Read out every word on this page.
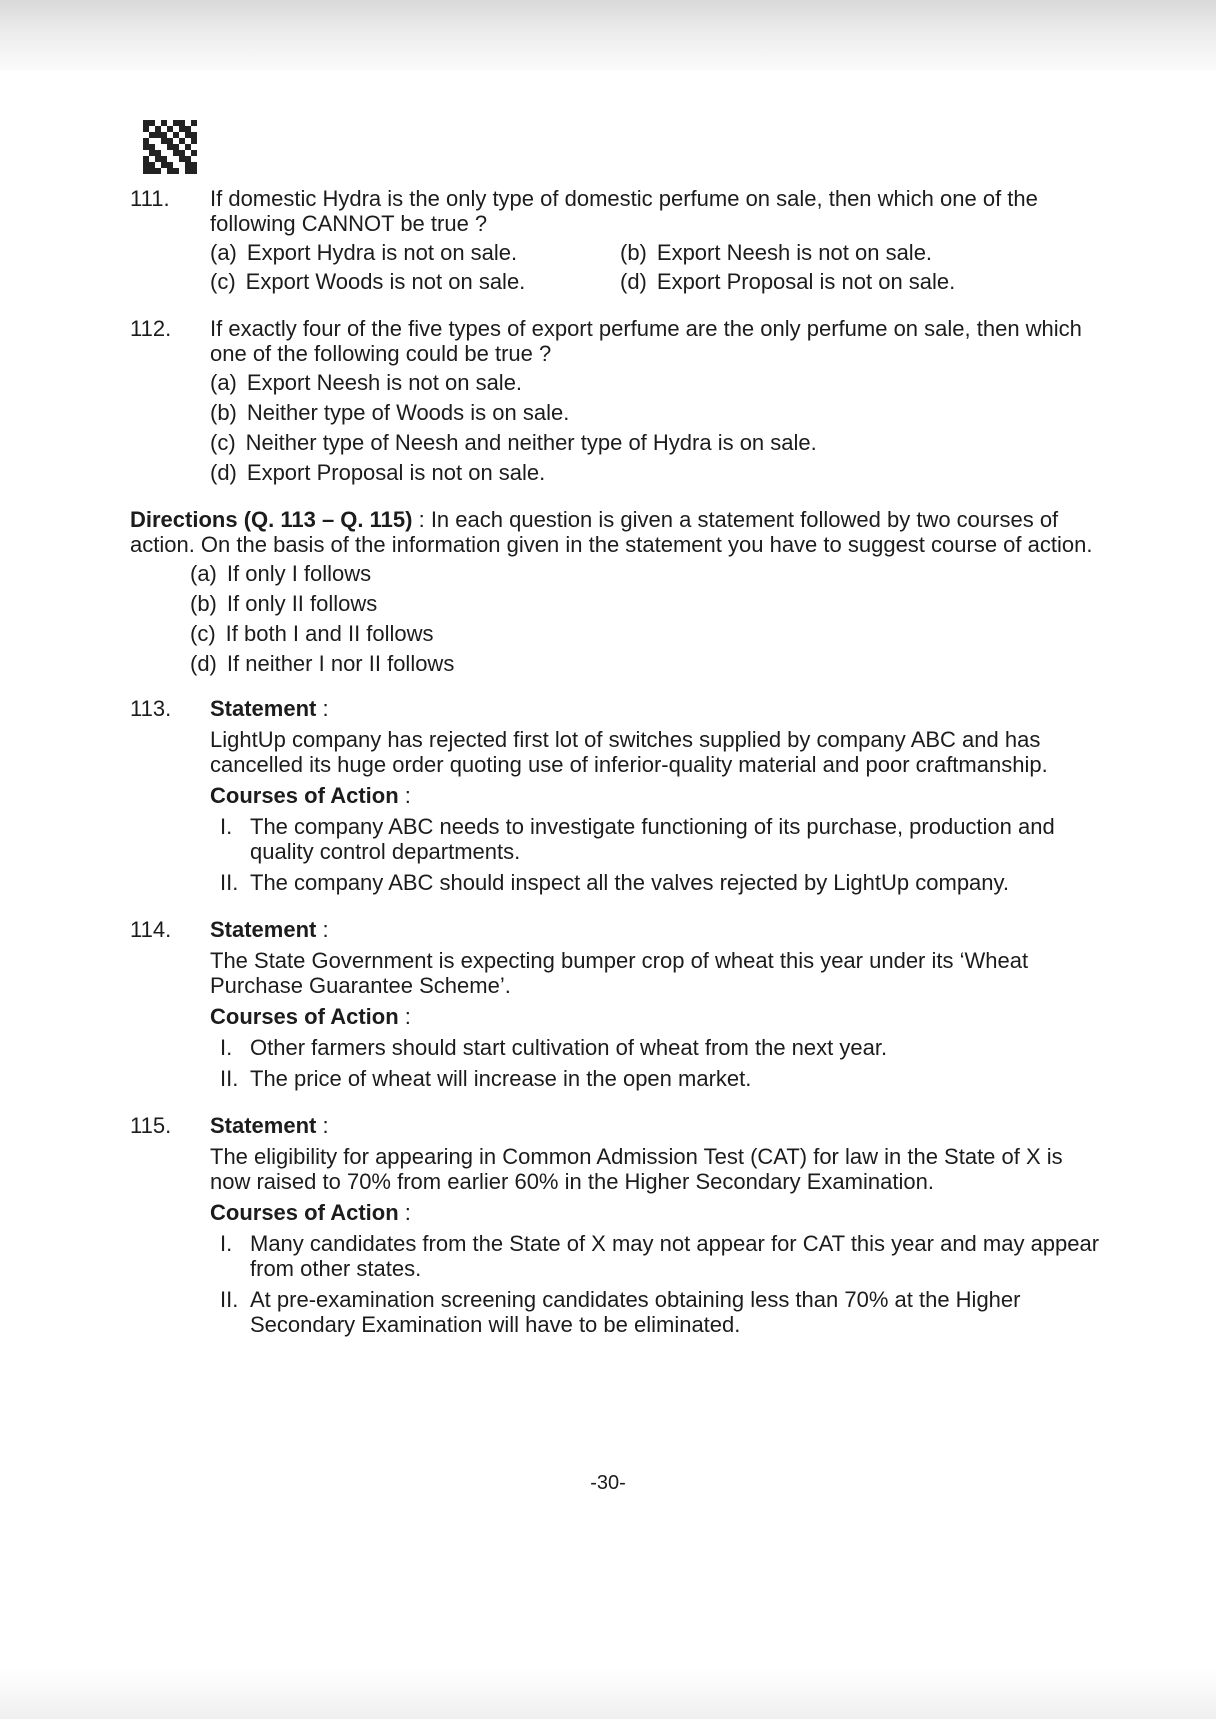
111. If domestic Hydra is the only type of domestic perfume on sale, then which one of the following CANNOT be true ?
(a) Export Hydra is not on sale.	(b) Export Neesh is not on sale.
(c) Export Woods is not on sale.	(d) Export Proposal is not on sale.
112. If exactly four of the five types of export perfume are the only perfume on sale, then which one of the following could be true ?
(a) Export Neesh is not on sale.
(b) Neither type of Woods is on sale.
(c) Neither type of Neesh and neither type of Hydra is on sale.
(d) Export Proposal is not on sale.
Directions (Q. 113 – Q. 115) : In each question is given a statement followed by two courses of action. On the basis of the information given in the statement you have to suggest course of action.
(a) If only I follows
(b) If only II follows
(c) If both I and II follows
(d) If neither I nor II follows
113. Statement :
LightUp company has rejected first lot of switches supplied by company ABC and has cancelled its huge order quoting use of inferior-quality material and poor craftmanship.
Courses of Action :
I. The company ABC needs to investigate functioning of its purchase, production and quality control departments.
II. The company ABC should inspect all the valves rejected by LightUp company.
114. Statement :
The State Government is expecting bumper crop of wheat this year under its ‘Wheat Purchase Guarantee Scheme’.
Courses of Action :
I. Other farmers should start cultivation of wheat from the next year.
II. The price of wheat will increase in the open market.
115. Statement :
The eligibility for appearing in Common Admission Test (CAT) for law in the State of X is now raised to 70% from earlier 60% in the Higher Secondary Examination.
Courses of Action :
I. Many candidates from the State of X may not appear for CAT this year and may appear from other states.
II. At pre-examination screening candidates obtaining less than 70% at the Higher Secondary Examination will have to be eliminated.
-30-
